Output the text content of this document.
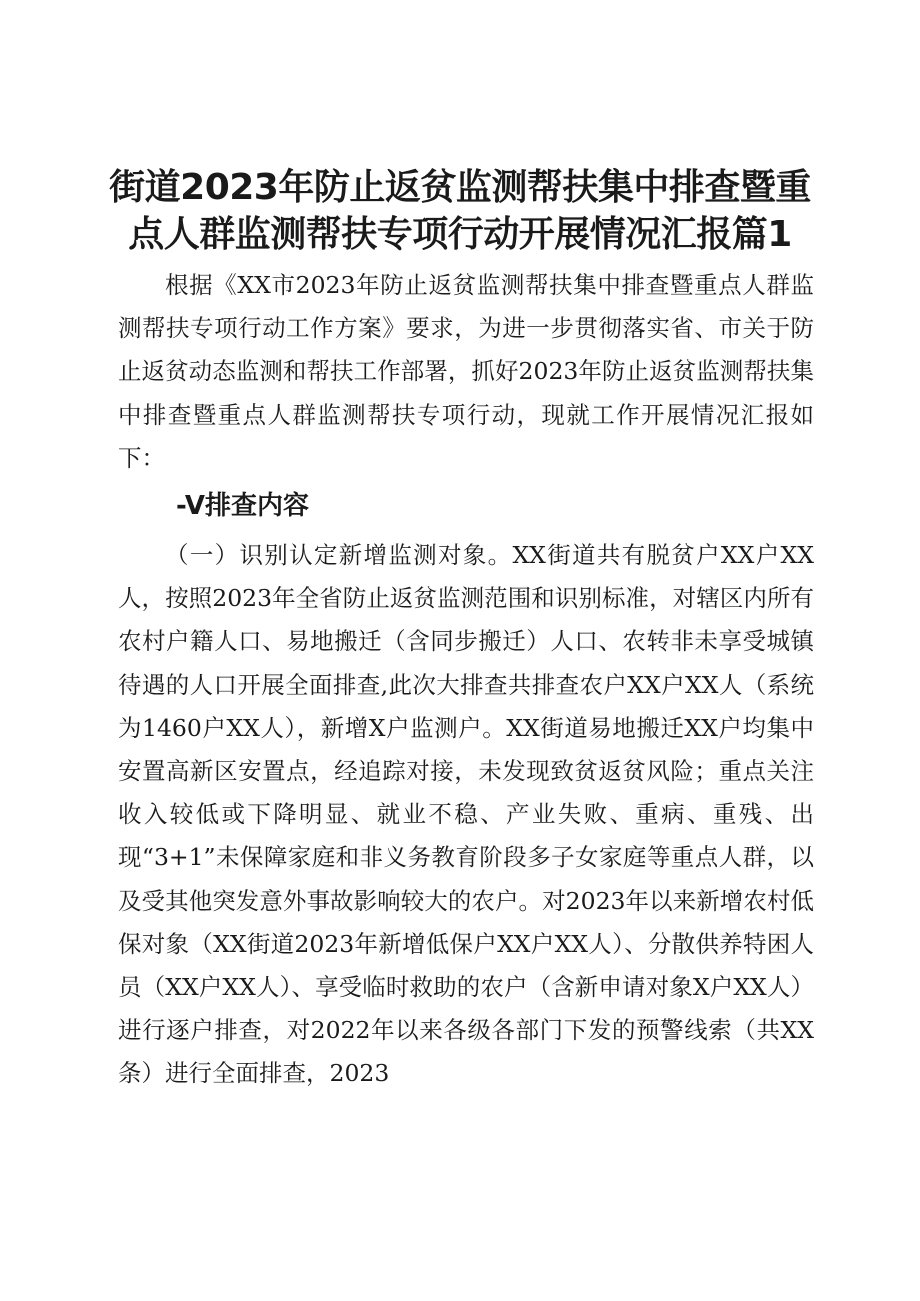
街道2023年防止返贫监测帮扶集中排查暨重
点人群监测帮扶专项行动开展情况汇报篇1

根据《XX市2023年防止返贫监测帮扶集中排查暨重点人群监测帮扶专项行动工作方案》要求，为进一步贯彻落实省、市关于防止返贫动态监测和帮扶工作部署，抓好2023年防止返贫监测帮扶集中排查暨重点人群监测帮扶专项行动，现就工作开展情况汇报如下：

-V排查内容

（一）识别认定新增监测对象。XX街道共有脱贫户XX户XX人，按照2023年全省防止返贫监测范围和识别标准，对辖区内所有农村户籍人口、易地搬迁（含同步搬迁）人口、农转非未享受城镇待遇的人口开展全面排查,此次大排查共排查农户XX户XX人（系统为1460户XX人），新增X户监测户。XX街道易地搬迁XX户均集中安置高新区安置点，经追踪对接，未发现致贫返贫风险；重点关注收入较低或下降明显、就业不稳、产业失败、重病、重残、出现“3+1”未保障家庭和非义务教育阶段多子女家庭等重点人群，以及受其他突发意外事故影响较大的农户。对2023年以来新增农村低保对象（XX街道2023年新增低保户XX户XX人）、分散供养特困人员（XX户XX人）、享受临时救助的农户（含新申请对象X户XX人）进行逐户排查，对2022年以来各级各部门下发的预警线索（共XX条）进行全面排查，2023
